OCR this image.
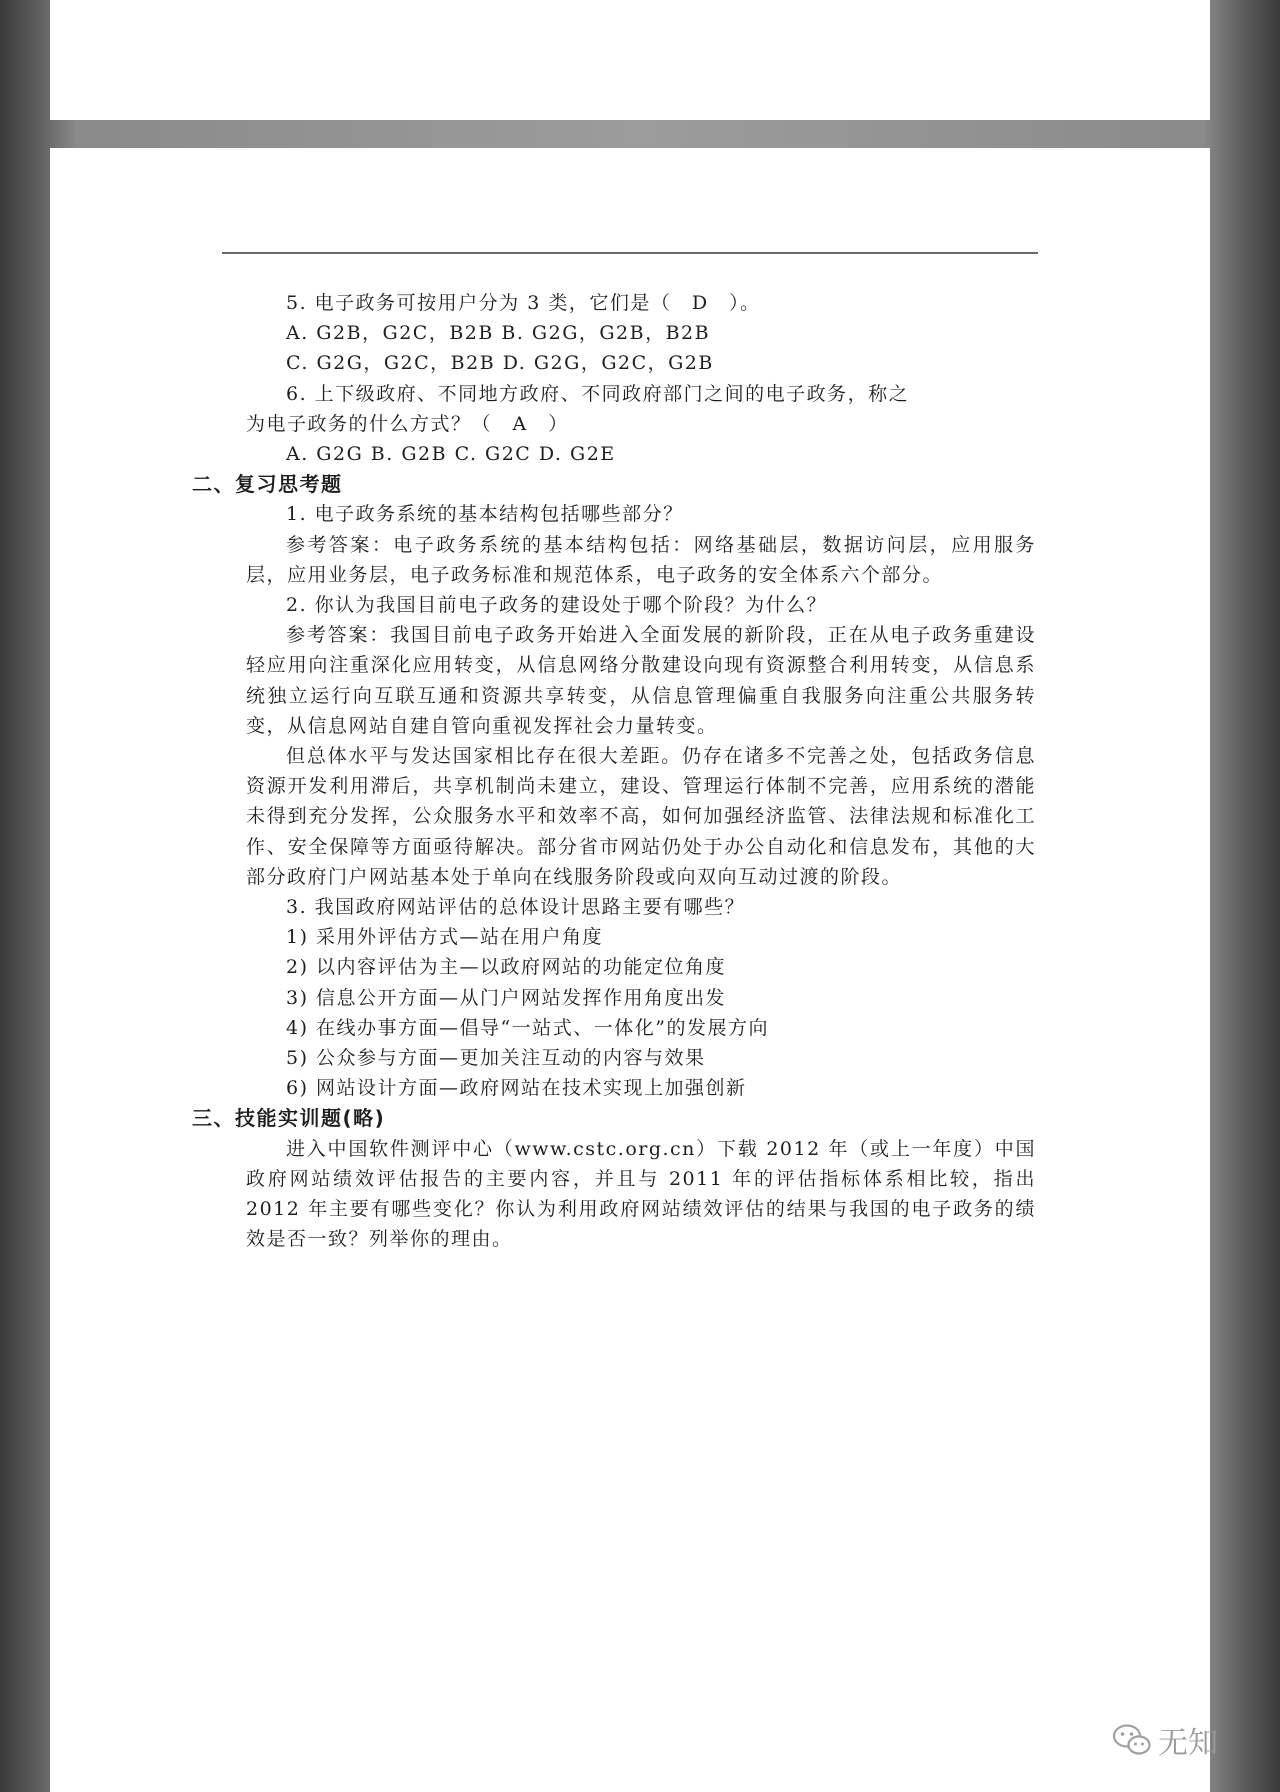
5. 电子政务可按用户分为 3 类，它们是（　D　）。

A. G2B，G2C，B2B B. G2G，G2B，B2B

C. G2G，G2C，B2B D. G2G，G2C，G2B

6. 上下级政府、不同地方政府、不同政府部门之间的电子政务，称之

为电子政务的什么方式？（　A　）

A. G2G B. G2B C. G2C D. G2E

二、复习思考题

1. 电子政务系统的基本结构包括哪些部分？

参考答案：电子政务系统的基本结构包括：网络基础层，数据访问层，应用服务层，应用业务层，电子政务标准和规范体系，电子政务的安全体系六个部分。

2. 你认为我国目前电子政务的建设处于哪个阶段？为什么？

参考答案：我国目前电子政务开始进入全面发展的新阶段，正在从电子政务重建设轻应用向注重深化应用转变，从信息网络分散建设向现有资源整合利用转变，从信息系统独立运行向互联互通和资源共享转变，从信息管理偏重自我服务向注重公共服务转变，从信息网站自建自管向重视发挥社会力量转变。

但总体水平与发达国家相比存在很大差距。仍存在诸多不完善之处，包括政务信息资源开发利用滞后，共享机制尚未建立，建设、管理运行体制不完善，应用系统的潜能未得到充分发挥，公众服务水平和效率不高，如何加强经济监管、法律法规和标准化工作、安全保障等方面亟待解决。部分省市网站仍处于办公自动化和信息发布，其他的大部分政府门户网站基本处于单向在线服务阶段或向双向互动过渡的阶段。

3. 我国政府网站评估的总体设计思路主要有哪些？

1) 采用外评估方式—站在用户角度

2) 以内容评估为主—以政府网站的功能定位角度

3) 信息公开方面—从门户网站发挥作用角度出发

4) 在线办事方面—倡导“一站式、一体化”的发展方向

5) 公众参与方面—更加关注互动的内容与效果

6) 网站设计方面—政府网站在技术实现上加强创新

三、技能实训题(略)

进入中国软件测评中心（www.cstc.org.cn）下载 2012 年（或上一年度）中国政府网站绩效评估报告的主要内容，并且与 2011 年的评估指标体系相比较，指出 2012 年主要有哪些变化？你认为利用政府网站绩效评估的结果与我国的电子政务的绩效是否一致？列举你的理由。

无知
